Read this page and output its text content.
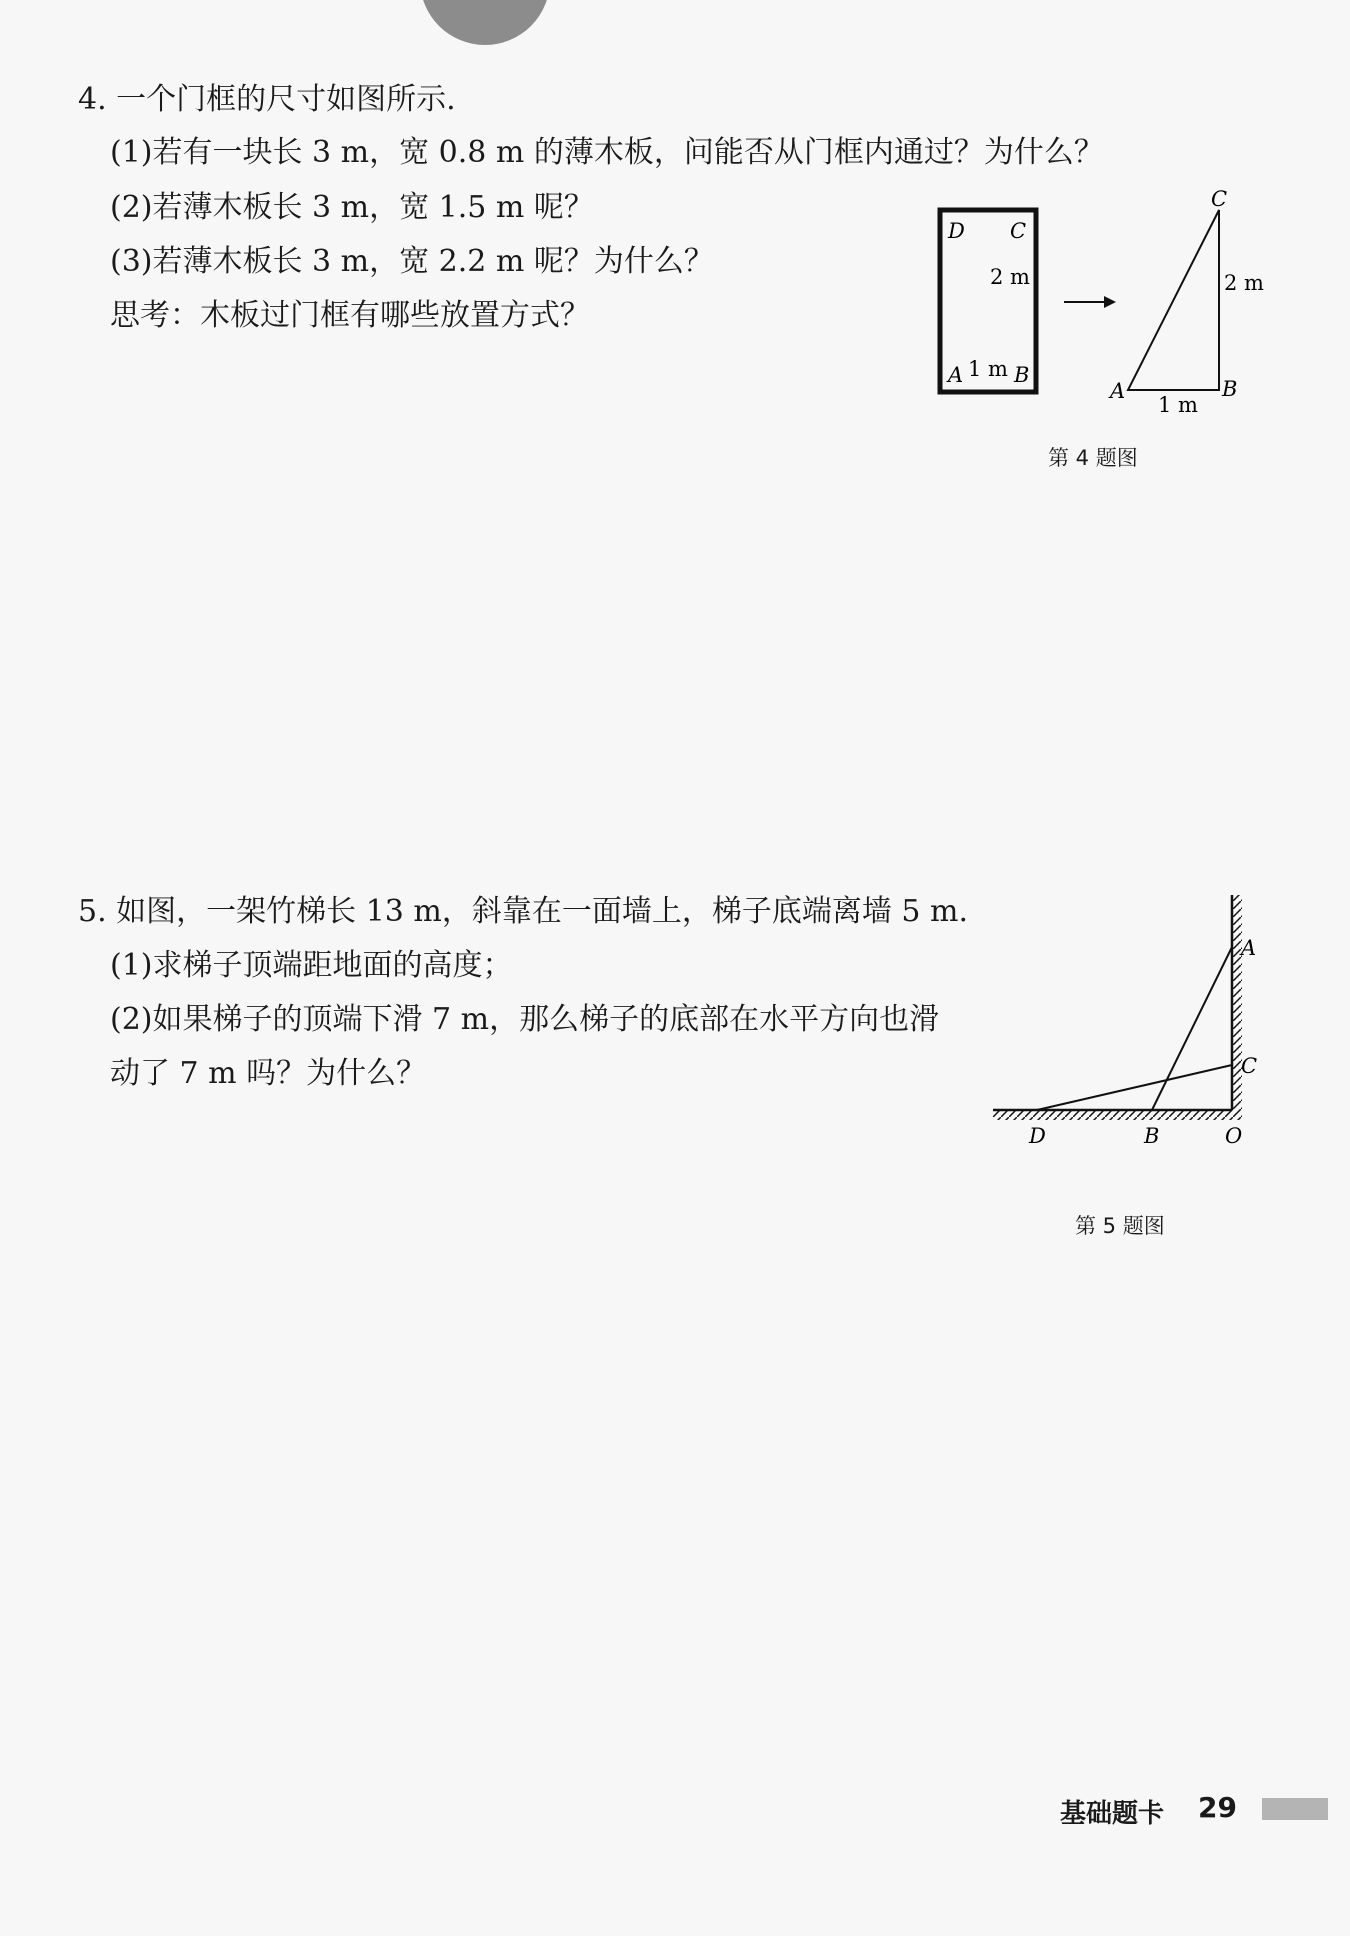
4. 一个门框的尺寸如图所示.
(1)若有一块长 3 m，宽 0.8 m 的薄木板，问能否从门框内通过？为什么？
(2)若薄木板长 3 m，宽 1.5 m 呢？
(3)若薄木板长 3 m，宽 2.2 m 呢？为什么？
思考：木板过门框有哪些放置方式？
D C
2 m
A 1 m B
C
2 m
A	B
1 m
第 4 题图
5. 如图，一架竹梯长 13 m，斜靠在一面墙上，梯子底端离墙 5 m.
(1)求梯子顶端距地面的高度；
(2)如果梯子的顶端下滑 7 m，那么梯子的底部在水平方向也滑
动了 7 m 吗？为什么？
A
C
D	B	O
第 5 题图
基础题卡 29
